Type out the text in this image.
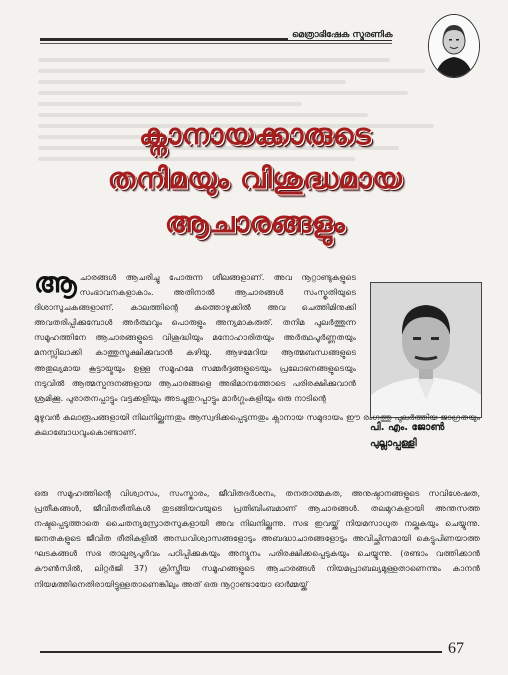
മെത്രാഭിഷേക സ്മരണിക
ക്നാനായക്കാരുടെ
തനിമയും വിശുദ്ധമായ
ആചാരങ്ങളും

ആചാരങ്ങൾ ആചരിച്ചു പോരുന്ന ശീലങ്ങളാണ്. അവ നൂറ്റാണ്ടുകളുടെ സംഭാവനകളാകാം. അതിനാൽ ആചാരങ്ങൾ സംസ്കൃതിയുടെ ദിശാസൂചകങ്ങളാണ്. കാലത്തിന്റെ കുത്തൊഴുക്കിൽ അവ ചെത്തിമിനുക്കി അവതരിപ്പിക്കുമ്പോൾ അർത്ഥവും പൊരുളും അന്യമാകരുത്. തനിമ പുലർത്തുന്ന സമൂഹത്തിനേ ആചാരങ്ങളുടെ വിശുദ്ധിയും മനോഹാരിതയും അർത്ഥപൂർണ്ണതയും മനസ്സിലാക്കി കാത്തുസൂക്ഷിക്കുവാൻ കഴിയൂ. ആഴമേറിയ ആത്മബന്ധങ്ങളുടെ അതുല്യമായ കൂട്ടായ്മയും ഉള്ള സമൂഹമേ സമ്മർദ്ദങ്ങളുടെയും പ്രലോഭനങ്ങളുടെയും നടുവിൽ ആത്മസ്പന്ദനങ്ങളായ ആചാരങ്ങളെ അഭിമാനത്തോടെ പരിരക്ഷിക്കുവാൻ ശ്രമിക്കൂ. പുരാതനപ്പാട്ടും വട്ടക്കളിയും അടച്ചുതുറപ്പാട്ടും മാർഗ്ഗംകളിയും ഒരു നാടിന്റെ

പി. എം. ജോൺ
പുല്ലാപ്പള്ളി

മുഴുവൻ കലാരൂപങ്ങളായി നിലനില്ക്കുന്നതും ആസ്വദിക്കപ്പെടുന്നതും ക്നാനായ സമുദായം ഈ രംഗത്തു പുലർത്തിയ ജാഗ്രതയും കലാബോധവുംകൊണ്ടാണ്.

ഒരു സമൂഹത്തിന്റെ വിശ്വാസം, സംസ്കാരം, ജീവിതദർശനം, തനതാത്മകത, അനുഷ്ഠാനങ്ങളുടെ സവിശേഷത, പ്രതീകങ്ങൾ, ജീവിതരീതികൾ തുടങ്ങിയവയുടെ പ്രതിബിംബമാണ് ആചാരങ്ങൾ. തലമുറകളായി അന്തസത്ത നഷ്ടപ്പെടുത്താതെ ചൈതന്യസ്രോതസുകളായി അവ നിലനില്ക്കുന്നു. സഭ ഇവയ്ക്ക് നിയമസാധുത നല്കുകയും ചെയ്യുന്നു. ജനതകളുടെ ജീവിത രീതികളിൽ അന്ധവിശ്വാസങ്ങളോടും അബദ്ധാചാരങ്ങളോടും അവിച്ഛിന്നമായി കെട്ടുപിണയാത്ത ഘടകങ്ങൾ സഭ താല്പര്യപൂർവം പഠിപ്പിക്കുകയും അന്യൂനം പരിരക്ഷിക്കപ്പെടുകയും ചെയ്യുന്നു. (രണ്ടാം വത്തിക്കാൻ കൗൺസിൽ, ലിറ്റർജി 37) ക്രിസ്തീയ സമൂഹങ്ങളുടെ ആചാരങ്ങൾ നിയമപ്രാബല്യമുള്ളതാണെന്നും കാനൻ നിയമത്തിനെതിരായിട്ടുള്ളതാണെങ്കിലും അത് ഒരു നൂറ്റാണ്ടായോ ഓർമ്മയ്ക്ക്

67
